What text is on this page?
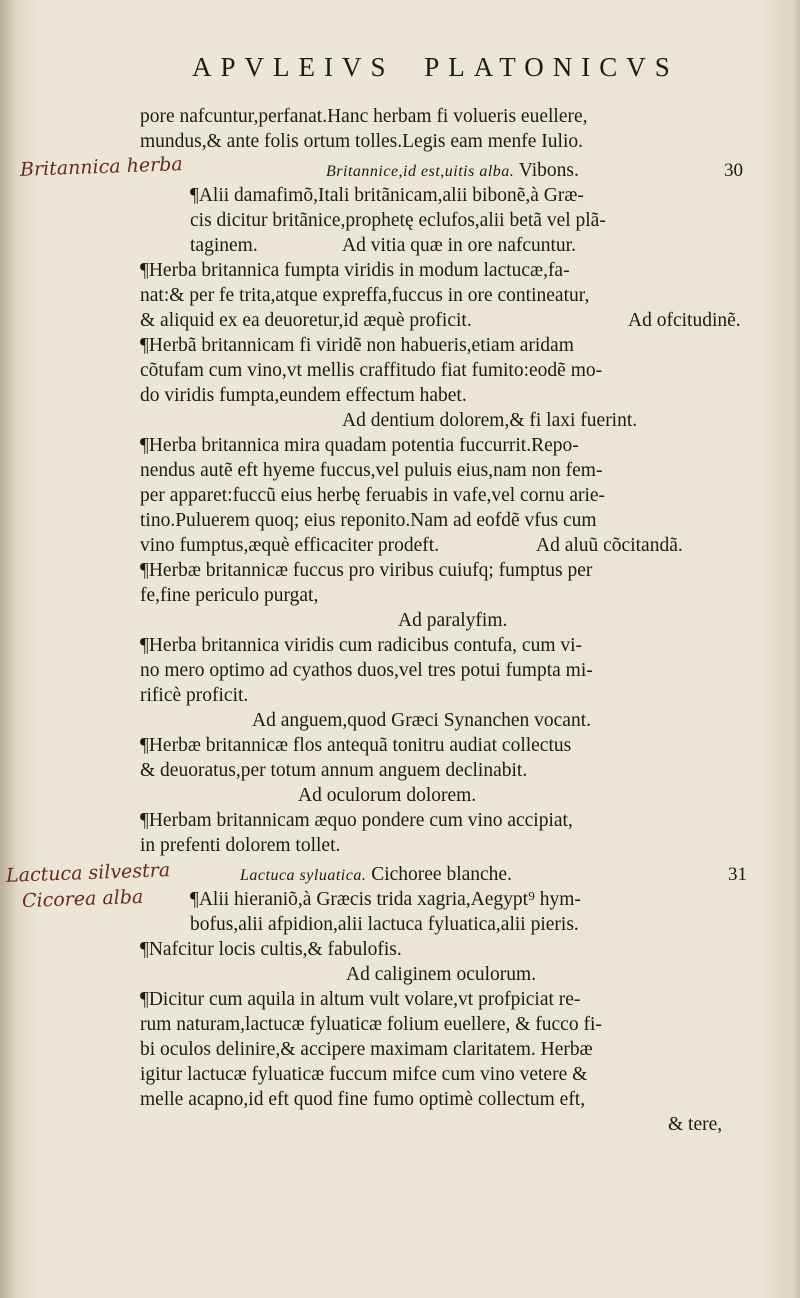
APVLEIVS PLATONICVS
pore nafcuntur,perfanat.Hanc herbam fi volueris euellere,
mundus,& ante folis ortum tolles.Legis eam menfe Iulio.
Britannica herba	Britannice,id est,uitis alba. Vibons.	30
¶Alii damafimõ,Itali britãnicam,alii bibonẽ,à Græ-
cis dicitur britãnice,prophetę eclufos,alii betã vel plã-
taginem.	Ad vitia quæ in ore nafcuntur.
¶Herba britannica fumpta viridis in modum lactucæ,fa-
nat:& per fe trita,atque expreffa,fuccus in ore contineatur,
& aliquid ex ea deuoretur,id æquè proficit.	Ad ofcitudinẽ.
¶Herbã britannicam fi viridẽ non habueris,etiam aridam
cõtufam cum vino,vt mellis craffitudo fiat fumito:eodẽ mo-
do viridis fumpta,eundem effectum habet.
Ad dentium dolorem,& fi laxi fuerint.
¶Herba britannica mira quadam potentia fuccurrit.Repo-
nendus autẽ eft hyeme fuccus,vel puluis eius,nam non fem-
per apparet:fuccũ eius herbę feruabis in vafe,vel cornu arie-
tino.Puluerem quoq; eius reponito.Nam ad eofdẽ vfus cum
vino fumptus,æquè efficaciter prodeft.	Ad aluũ cõcitandã.
¶Herbæ britannicæ fuccus pro viribus cuiufq; fumptus per
fe,fine periculo purgat,
Ad paralyfim.
¶Herba britannica viridis cum radicibus contufa, cum vi-
no mero optimo ad cyathos duos,vel tres potui fumpta mi-
rificè proficit.
Ad anguem,quod Græci Synanchen vocant.
¶Herbæ britannicæ flos antequã tonitru audiat collectus
& deuoratus,per totum annum anguem declinabit.
Ad oculorum dolorem.
¶Herbam britannicam æquo pondere cum vino accipiat,
in prefenti dolorem tollet.
Lactuca silvestra	Lactuca syluatica. Cichoree blanche.	31
Cicorea alba ¶Alii hieraniõ,à Græcis trida xagria,Aegypt⁹ hym-
bofus,alii afpidion,alii lactuca fyluatica,alii pieris.
¶Nafcitur locis cultis,& fabulofis.
Ad caliginem oculorum.
¶Dicitur cum aquila in altum vult volare,vt profpiciat re-
rum naturam,lactucæ fyluaticæ folium euellere, & fucco fi-
bi oculos delinire,& accipere maximam claritatem. Herbæ
igitur lactucæ fyluaticæ fuccum mifce cum vino vetere &
melle acapno,id eft quod fine fumo optimè collectum eft,
& tere,
